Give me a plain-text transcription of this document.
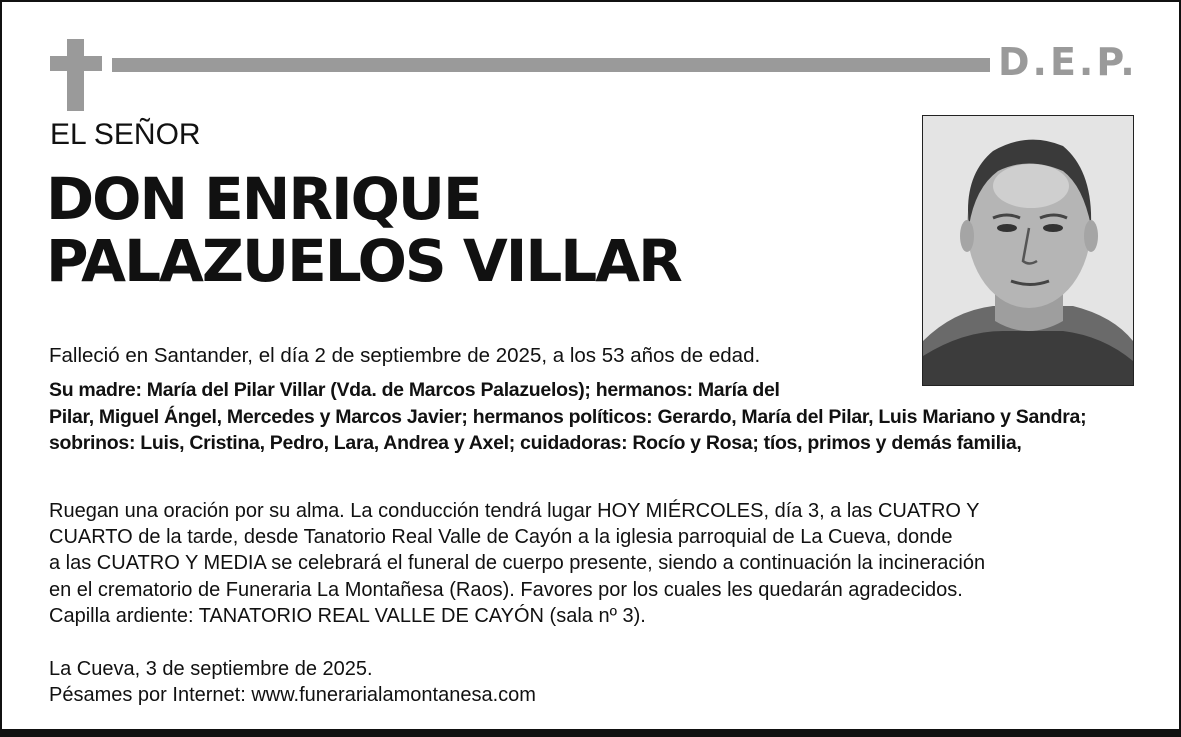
D.E.P.
EL SEÑOR
DON ENRIQUE
PALAZUELOS VILLAR
Falleció en Santander, el día 2 de septiembre de 2025, a los 53 años de edad.
Su madre: María del Pilar Villar (Vda. de Marcos Palazuelos); hermanos: María del
Pilar, Miguel Ángel, Mercedes y Marcos Javier; hermanos políticos: Gerardo, María del Pilar, Luis Mariano y Sandra; sobrinos: Luis, Cristina, Pedro, Lara, Andrea y Axel; cuidadoras: Rocío y Rosa; tíos, primos y demás familia,
Ruegan una oración por su alma. La conducción tendrá lugar HOY MIÉRCOLES, día 3, a las CUATRO Y
CUARTO de la tarde, desde Tanatorio Real Valle de Cayón a la iglesia parroquial de La Cueva, donde
a las CUATRO Y MEDIA se celebrará el funeral de cuerpo presente, siendo a continuación la incineración
en el crematorio de Funeraria La Montañesa (Raos). Favores por los cuales les quedarán agradecidos.
Capilla ardiente: TANATORIO REAL VALLE DE CAYÓN (sala nº 3).
La Cueva, 3 de septiembre de 2025.
Pésames por Internet: www.funerarialamontanesa.com
